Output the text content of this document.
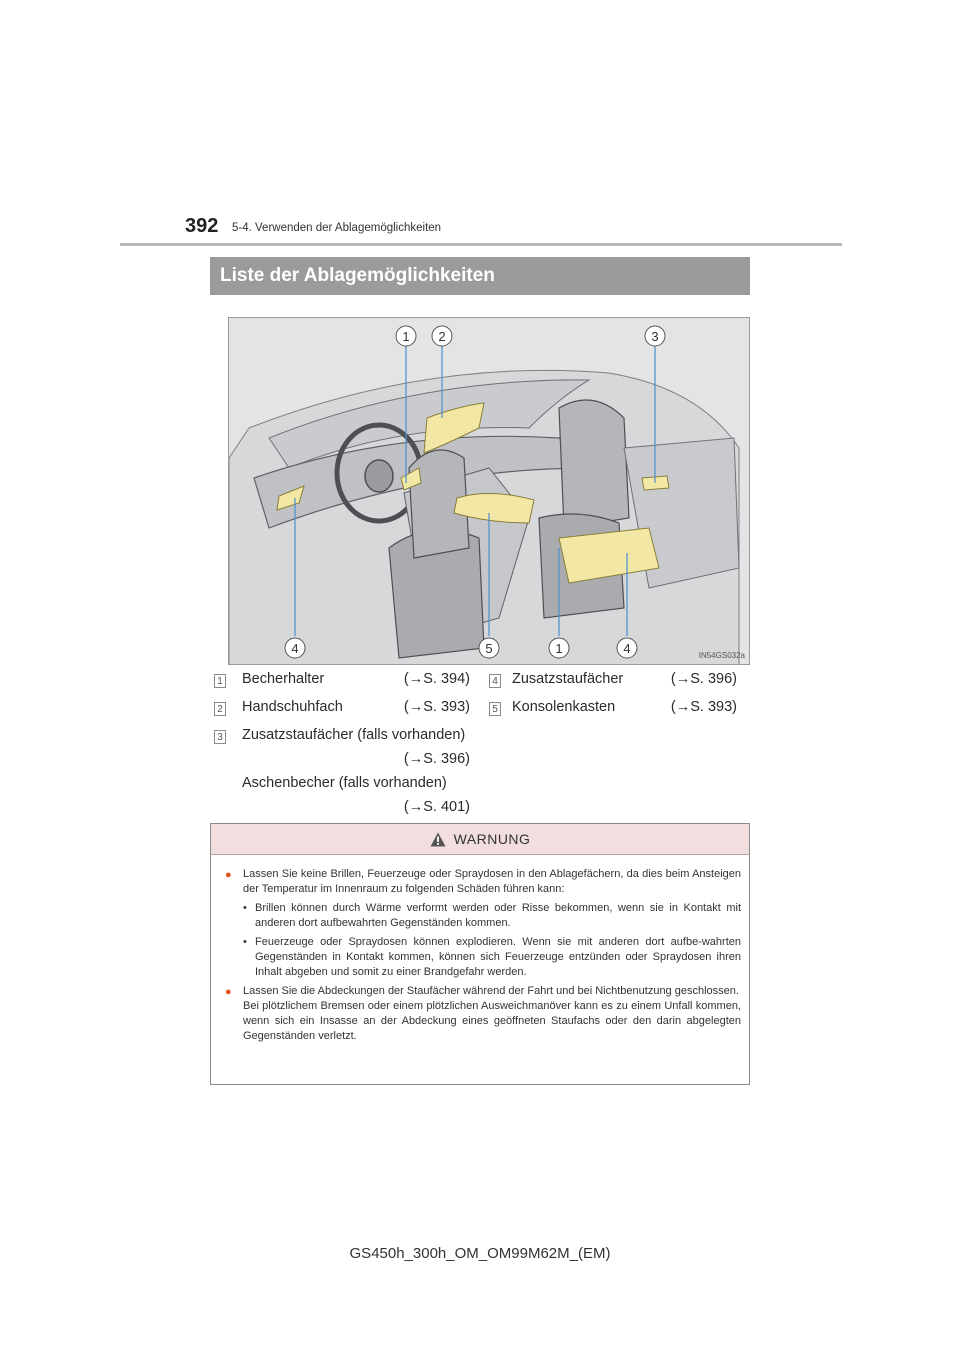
392 5-4. Verwenden der Ablagemöglichkeiten
Liste der Ablagemöglichkeiten
1 2	3
4	5	1	4	IN54GS032a
1 Becherhalter	(→S. 394)
2 Handschuhfach	(→S. 393)
3 Zusatzstaufächer (falls vorhanden)
(→S. 396)
Aschenbecher (falls vorhanden)
(→S. 401)
4 Zusatzstaufächer	(→S. 396)
5 Konsolenkasten	(→S. 393)
WARNUNG
● Lassen Sie keine Brillen, Feuerzeuge oder Spraydosen in den Ablagefächern, da dies beim Ansteigen der Temperatur im Innenraum zu folgenden Schäden führen kann:
• Brillen können durch Wärme verformt werden oder Risse bekommen, wenn sie in Kontakt mit anderen dort aufbewahrten Gegenständen kommen.
• Feuerzeuge oder Spraydosen können explodieren. Wenn sie mit anderen dort aufbe-wahrten Gegenständen in Kontakt kommen, können sich Feuerzeuge entzünden oder Spraydosen ihren Inhalt abgeben und somit zu einer Brandgefahr werden.
● Lassen Sie die Abdeckungen der Staufächer während der Fahrt und bei Nichtbenutzung geschlossen.
Bei plötzlichem Bremsen oder einem plötzlichen Ausweichmanöver kann es zu einem Unfall kommen, wenn sich ein Insasse an der Abdeckung eines geöffneten Staufachs oder den darin abgelegten Gegenständen verletzt.
GS450h_300h_OM_OM99M62M_(EM)
